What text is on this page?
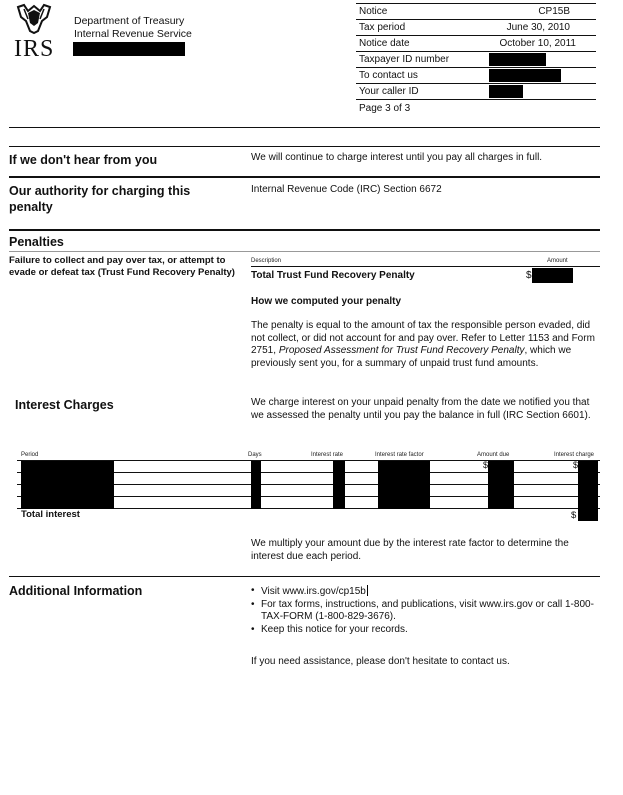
IRS
Department of Treasury
Internal Revenue Service
Notice	CP15B
Tax period	June 30, 2010
Notice date	October 10, 2011
Taxpayer ID number
To contact us
Your caller ID
Page 3 of 3
If we don't hear from you	We will continue to charge interest until you pay all charges in full.
Our authority for charging this penalty
Internal Revenue Code (IRC) Section 6672
Penalties
Failure to collect and pay over tax, or attempt to evade or defeat tax (Trust Fund Recovery Penalty)
Description	Amount
Total Trust Fund Recovery Penalty	$
How we computed your penalty
The penalty is equal to the amount of tax the responsible person evaded, did not collect, or did not account for and pay over. Refer to Letter 1153 and Form 2751, Proposed Assessment for Trust Fund Recovery Penalty, which we previously sent you, for a summary of unpaid trust fund amounts.
Interest Charges	We charge interest on your unpaid penalty from the date we notified you that we assessed the penalty until you pay the balance in full (IRC Section 6601).
Period	Days	Interest rate	Interest rate factor	Amount due	Interest charge
$	$
Total interest	$
We multiply your amount due by the interest rate factor to determine the interest due each period.
Additional Information
•	Visit www.irs.gov/cp15b
• For tax forms, instructions, and publications, visit www.irs.gov or call 1-800-TAX-FORM (1-800-829-3676).
• Keep this notice for your records.
If you need assistance, please don't hesitate to contact us.
